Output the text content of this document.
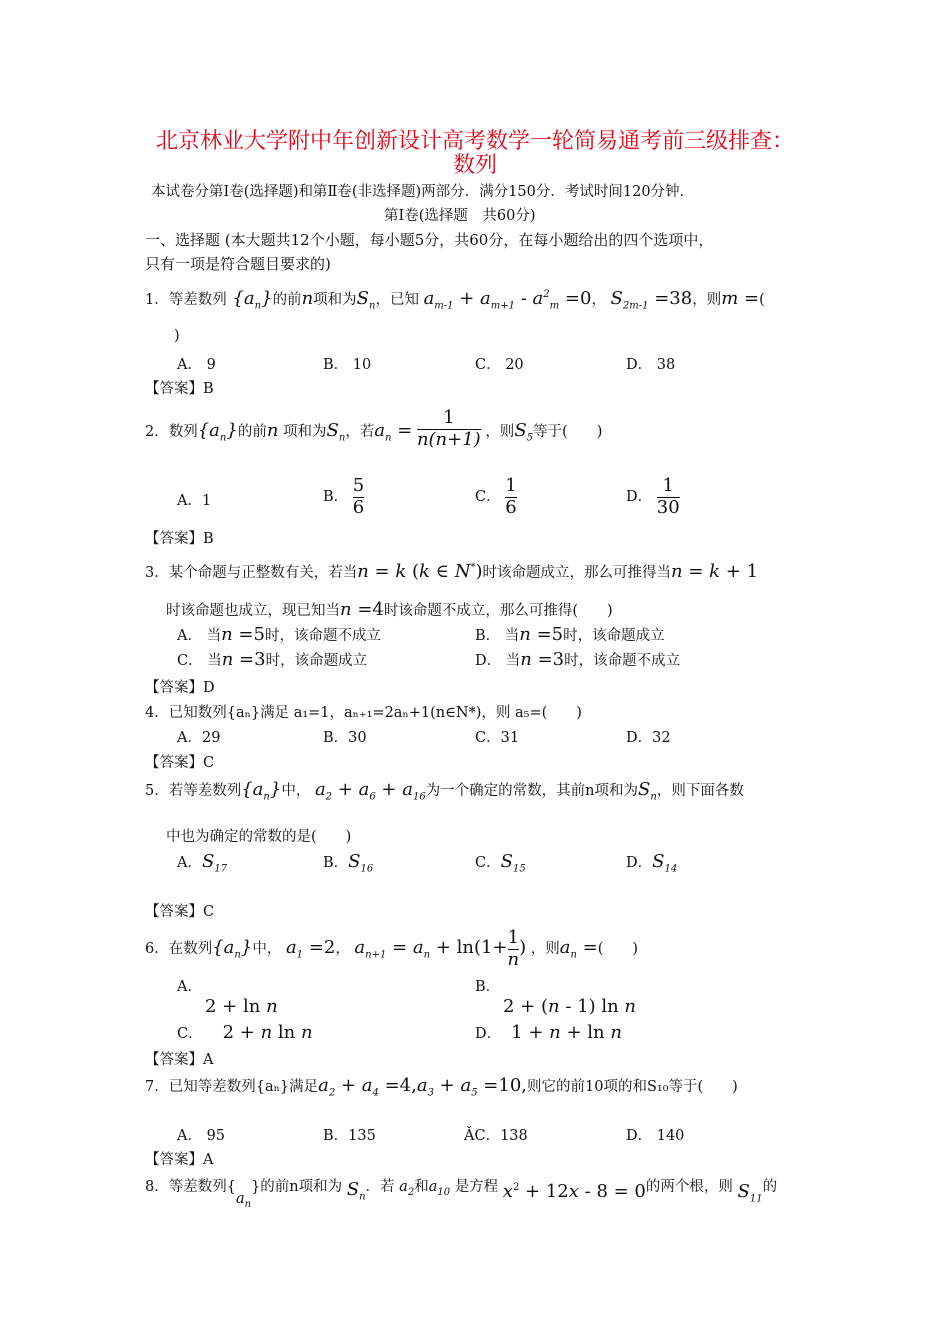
北京林业大学附中年创新设计高考数学一轮简易通考前三级排查：
数列
本试卷分第Ⅰ卷(选择题)和第Ⅱ卷(非选择题)两部分．满分150分．考试时间120分钟．
第Ⅰ卷(选择题　共60分)
一、选择题 (本大题共12个小题，每小题5分，共60分，在每小题给出的四个选项中，
只有一项是符合题目要求的)
1．等差数列 $\{a_n\}$的前n项和为$S_n$，已知 $a_{m-1} + a_{m+1} - a^2_m =0$， $S_{2m-1} =38$，则m =(
)
A． 9	B． 10	C． 20	D． 38
【答案】B
2．数列$\{a_n\}$的前n 项和为$S_n$，若$a_n = \frac{1}{n(n+1)}$ ，则$S_5$等于(　　)
A．1	B． $\frac{5}{6}$	C． $\frac{1}{6}$	D． $\frac{1}{30}$
【答案】B
3．某个命题与正整数有关，若当n = k (k ∈ N*)时该命题成立，那么可推得当n = k + 1
时该命题也成立，现已知当n =4时该命题不成立，那么可推得(　　)
A． 当n =5时，该命题不成立	B． 当n =5时，该命题成立
C． 当n =3时，该命题成立	D． 当n =3时，该命题不成立
【答案】D
4．已知数列{aₙ}满足 a₁=1，aₙ₊₁=2aₙ+1(n∈N*)，则 a₅=(　　)
A．29	B．30	C．31	D．32
【答案】C
5．若等差数列$\{a_n\}$中， $a_2 + a_6 + a_{16}$为一个确定的常数，其前n项和为$S_n$，则下面各数
中也为确定的常数的是(　　)
A．$S_{17}$	B．$S_{16}$	C．$S_{15}$	D．$S_{14}$
【答案】C
6．在数列$\{a_n\}$中， $a_1 =2$， $a_{n+1} = a_n + \ln(1+ \frac{1}{n}$ ) ，则$a_n$ =(　　)
A．
2 + ln n
B．
2 + (n - 1) ln n
C． 2 + n ln n	D． 1 + n + ln n
【答案】A
7．已知等差数列{aₙ}满足$a_2 + a_4 =4,a_3 + a_5 =10$,则它的前10项的和S₁₀等于(　　)
A． 95	B．135	ǍC．138	D． 140
【答案】A
8．等差数列$\{a_n\}$的前n项和为 $S_n$．若 $a_2$和$a_{10}$ 是方程 $x^2 + 12x - 8 = 0$的两个根，则 $S_{11}$的
